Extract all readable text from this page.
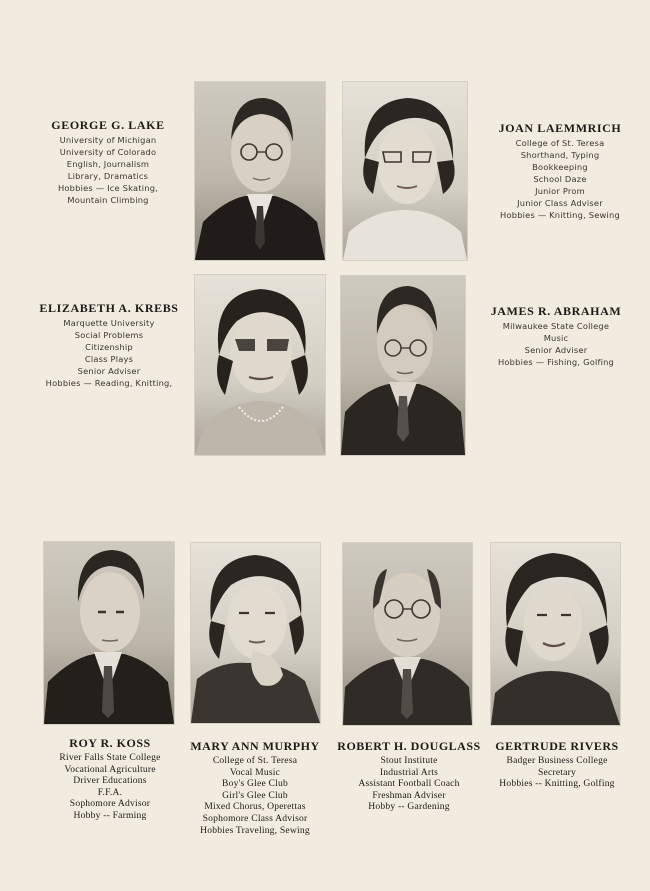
GEORGE G. LAKE
University of Michigan
University of Colorado
English, Journalism
Library, Dramatics
Hobbies — Ice Skating,
Mountain Climbing
JOAN LAEMMRICH
College of St. Teresa
Shorthand, Typing
Bookkeeping
School Daze
Junior Prom
Junior Class Adviser
Hobbies — Knitting, Sewing
ELIZABETH A. KREBS
Marquette University
Social Problems
Citizenship
Class Plays
Senior Adviser
Hobbies — Reading, Knitting,
JAMES R. ABRAHAM
Milwaukee State College
Music
Senior Adviser
Hobbies — Fishing, Golfing
ROY R. KOSS
River Falls State College
Vocational Agriculture
Driver Educations
F.F.A.
Sophomore Advisor
Hobby -- Farming
MARY ANN MURPHY
College of St. Teresa
Vocal Music
Boy's Glee Club
Girl's Glee Club
Mixed Chorus, Operettas
Sophomore Class Advisor
Hobbies Traveling, Sewing
ROBERT H. DOUGLASS
Stout Institute
Industrial Arts
Assistant Football Coach
Freshman Adviser
Hobby -- Gardening
GERTRUDE RIVERS
Badger Business College
Secretary
Hobbies -- Knitting, Golfing
